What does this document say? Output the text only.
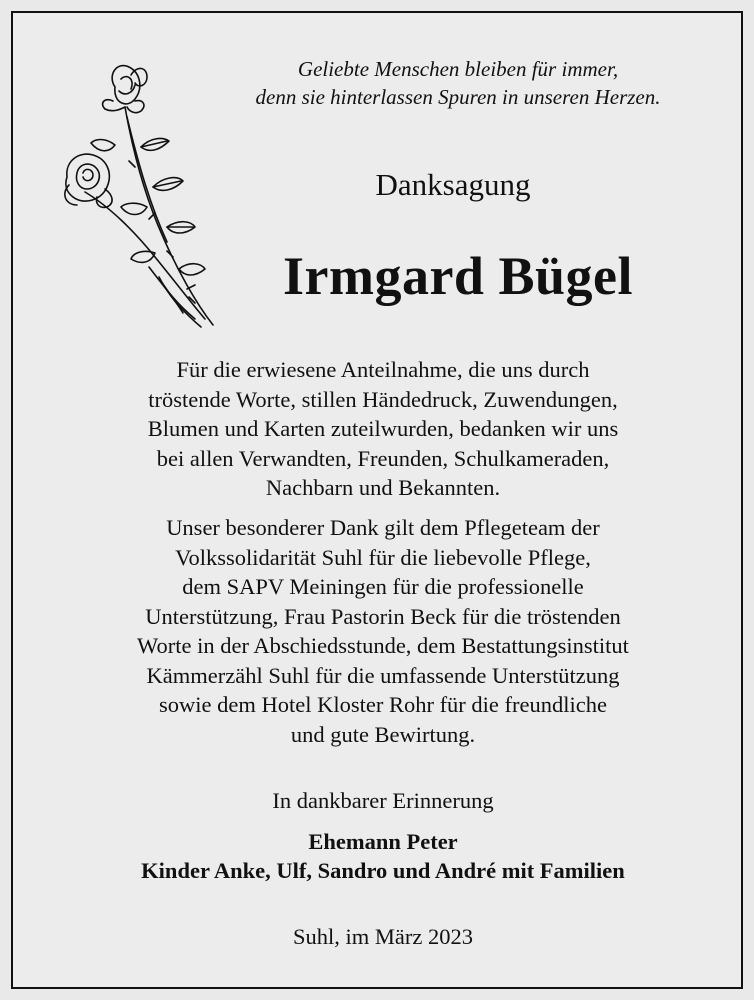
Geliebte Menschen bleiben für immer,
denn sie hinterlassen Spuren in unseren Herzen.
Danksagung
Irmgard Bügel
Für die erwiesene Anteilnahme, die uns durch
tröstende Worte, stillen Händedruck, Zuwendungen,
Blumen und Karten zuteilwurden, bedanken wir uns
bei allen Verwandten, Freunden, Schulkameraden,
Nachbarn und Bekannten.
Unser besonderer Dank gilt dem Pflegeteam der
Volkssolidarität Suhl für die liebevolle Pflege,
dem SAPV Meiningen für die professionelle
Unterstützung, Frau Pastorin Beck für die tröstenden
Worte in der Abschiedsstunde, dem Bestattungsinstitut
Kämmerzähl Suhl für die umfassende Unterstützung
sowie dem Hotel Kloster Rohr für die freundliche
und gute Bewirtung.
In dankbarer Erinnerung
Ehemann Peter
Kinder Anke, Ulf, Sandro und André mit Familien
Suhl, im März 2023
